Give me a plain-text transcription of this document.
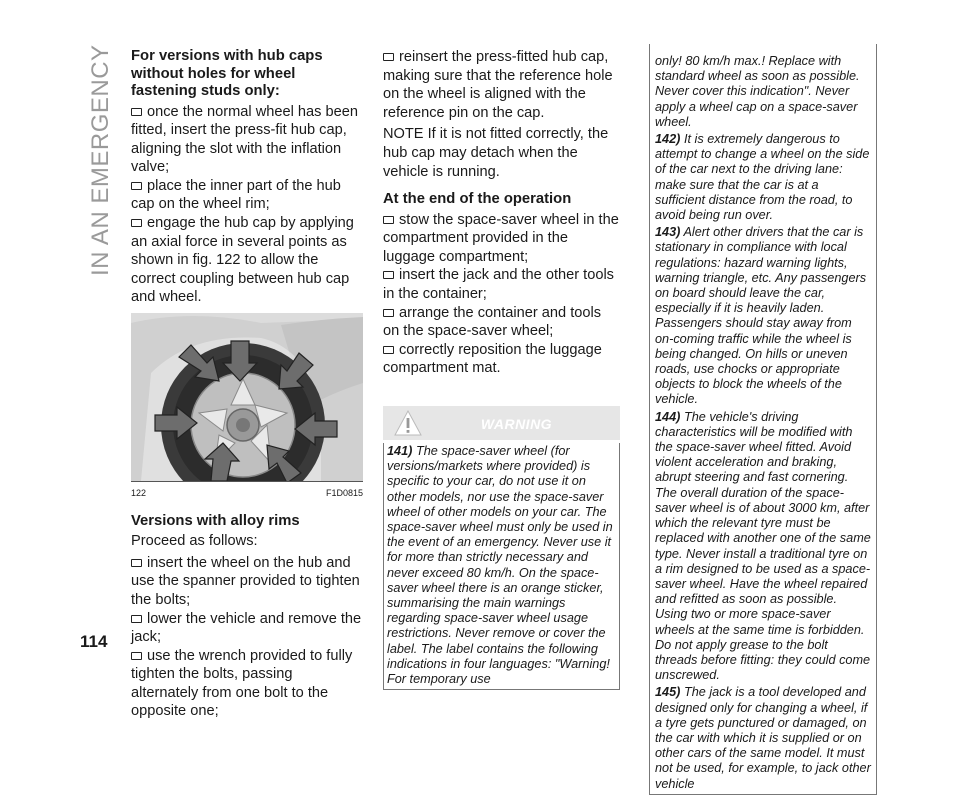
IN AN EMERGENCY
114
For versions with hub caps without holes for wheel fastening studs only:
once the normal wheel has been fitted, insert the press-fit hub cap, aligning the slot with the inflation valve;
place the inner part of the hub cap on the wheel rim;
engage the hub cap by applying an axial force in several points as shown in fig. 122 to allow the correct coupling between hub cap and wheel.
122	F1D0815
Versions with alloy rims
Proceed as follows:
insert the wheel on the hub and use the spanner provided to tighten the bolts;
lower the vehicle and remove the jack;
use the wrench provided to fully tighten the bolts, passing alternately from one bolt to the opposite one;
reinsert the press-fitted hub cap, making sure that the reference hole on the wheel is aligned with the reference pin on the cap.
NOTE If it is not fitted correctly, the hub cap may detach when the vehicle is running.
At the end of the operation
stow the space-saver wheel in the compartment provided in the luggage compartment;
insert the jack and the other tools in the container;
arrange the container and tools on the space-saver wheel;
correctly reposition the luggage compartment mat.
WARNING
141) The space-saver wheel (for versions/markets where provided) is specific to your car, do not use it on other models, nor use the space-saver wheel of other models on your car. The space-saver wheel must only be used in the event of an emergency. Never use it for more than strictly necessary and never exceed 80 km/h. On the space-saver wheel there is an orange sticker, summarising the main warnings regarding space-saver wheel usage restrictions. Never remove or cover the label. The label contains the following indications in four languages: "Warning! For temporary use
only! 80 km/h max.! Replace with standard wheel as soon as possible. Never cover this indication". Never apply a wheel cap on a space-saver wheel.
142) It is extremely dangerous to attempt to change a wheel on the side of the car next to the driving lane: make sure that the car is at a sufficient distance from the road, to avoid being run over.
143) Alert other drivers that the car is stationary in compliance with local regulations: hazard warning lights, warning triangle, etc. Any passengers on board should leave the car, especially if it is heavily laden. Passengers should stay away from on-coming traffic while the wheel is being changed. On hills or uneven roads, use chocks or appropriate objects to block the wheels of the vehicle.
144) The vehicle's driving characteristics will be modified with the space-saver wheel fitted. Avoid violent acceleration and braking, abrupt steering and fast cornering. The overall duration of the space-saver wheel is of about 3000 km, after which the relevant tyre must be replaced with another one of the same type. Never install a traditional tyre on a rim designed to be used as a space-saver wheel. Have the wheel repaired and refitted as soon as possible. Using two or more space-saver wheels at the same time is forbidden. Do not apply grease to the bolt threads before fitting: they could come unscrewed.
145) The jack is a tool developed and designed only for changing a wheel, if a tyre gets punctured or damaged, on the car with which it is supplied or on other cars of the same model. It must not be used, for example, to jack other vehicle
